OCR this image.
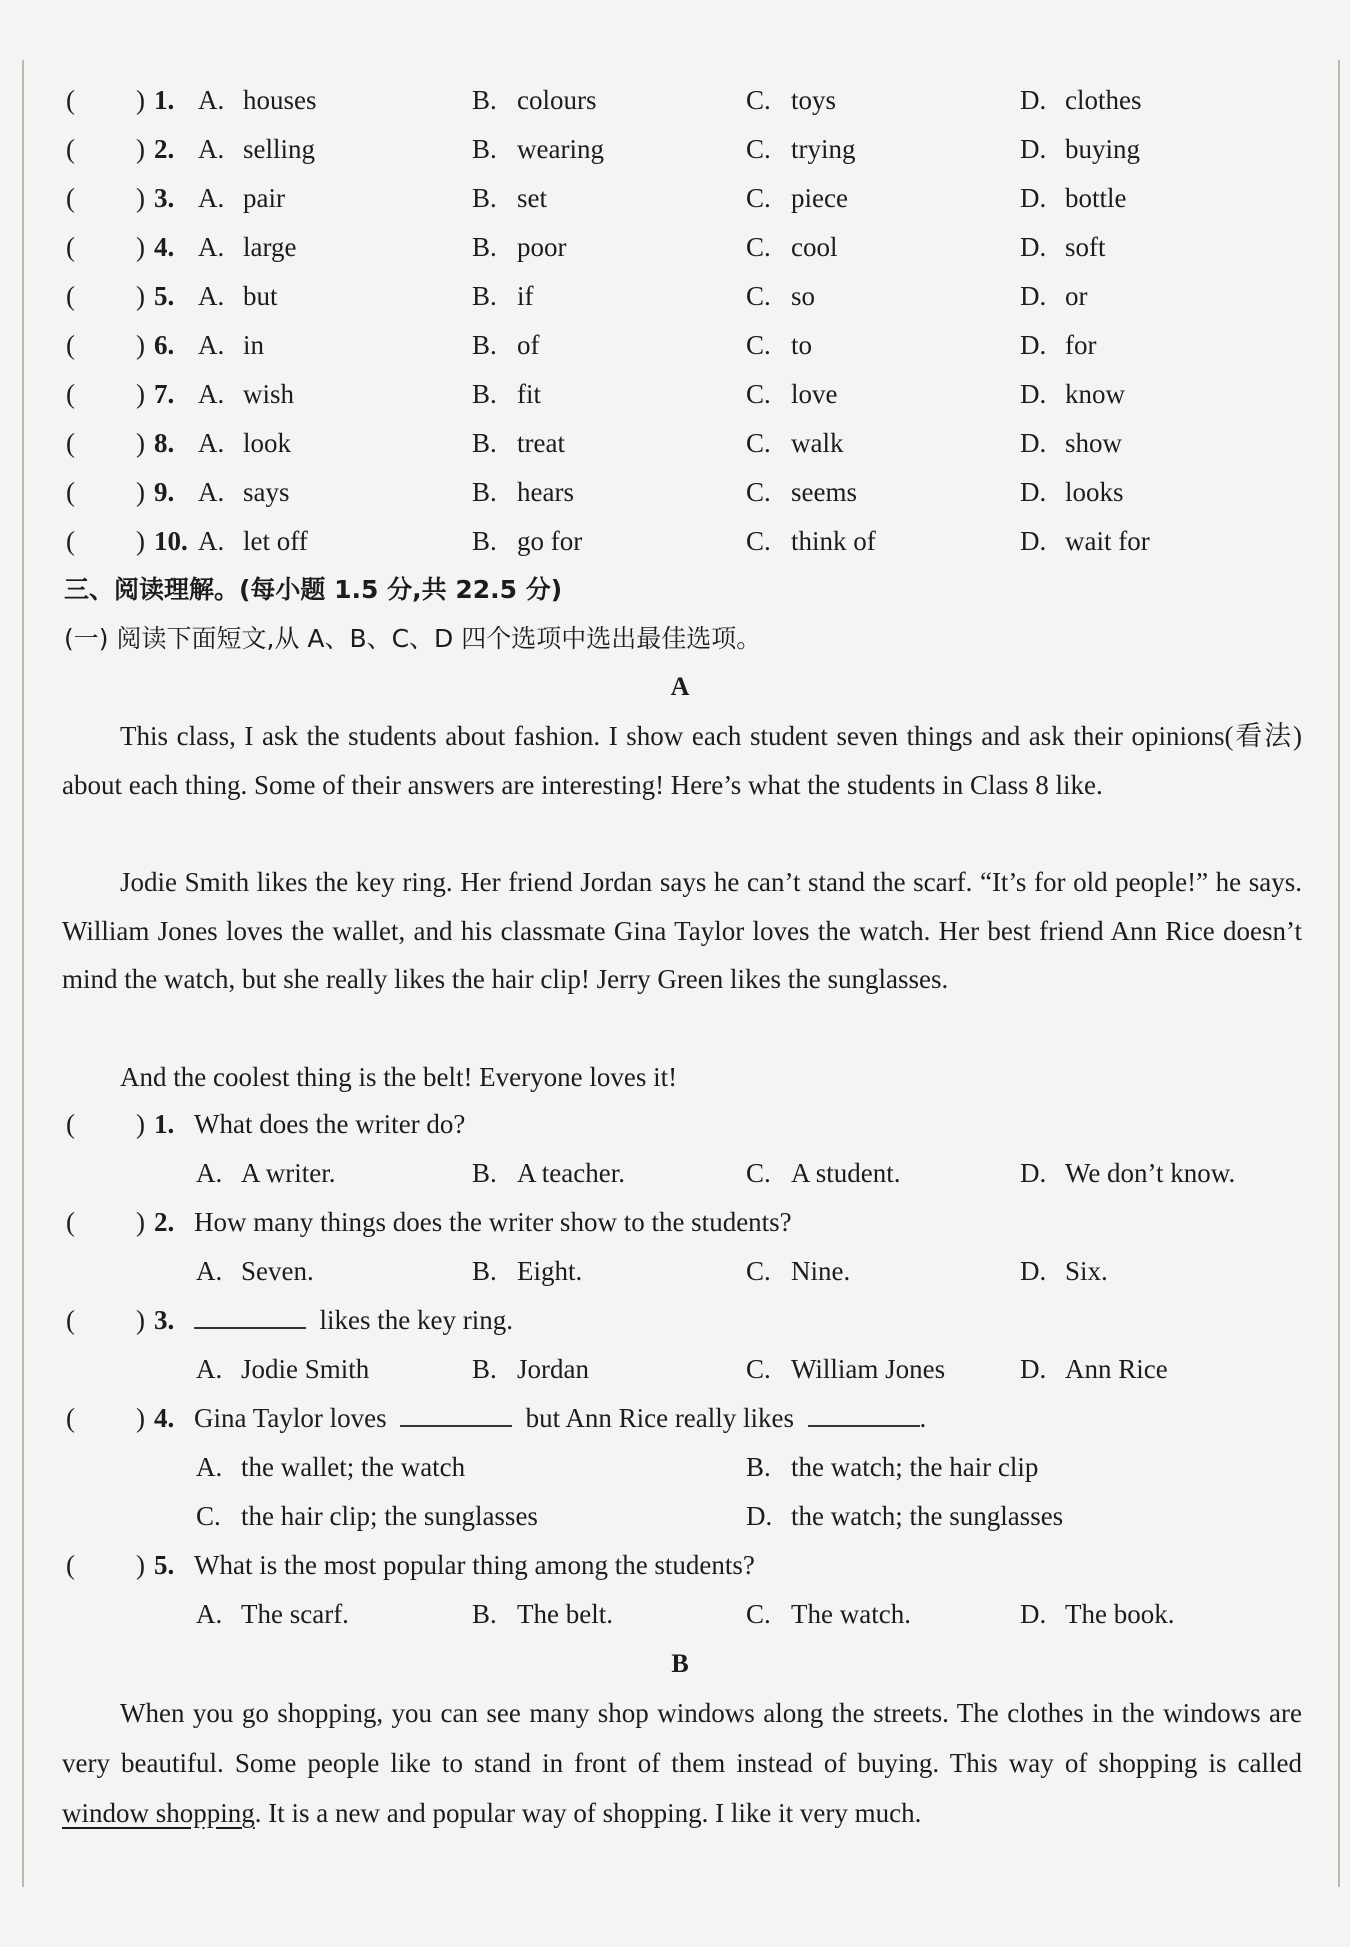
( ) 1. A. houses	B. colours	C. toys	D. clothes
( ) 2. A. selling	B. wearing	C. trying	D. buying
( ) 3. A. pair	B. set	C. piece	D. bottle
( ) 4. A. large	B. poor	C. cool	D. soft
( ) 5. A. but	B. if	C. so	D. or
( ) 6. A. in	B. of	C. to	D. for
( ) 7. A. wish	B. fit	C. love	D. know
( ) 8. A. look	B. treat	C. walk	D. show
( ) 9. A. says	B. hears	C. seems	D. looks
( ) 10. A. let off	B. go for	C. think of	D. wait for
三、阅读理解。(每小题 1.5 分,共 22.5 分)
(一) 阅读下面短文,从 A、B、C、D 四个选项中选出最佳选项。
A
This class, I ask the students about fashion. I show each student seven things and ask their opinions(看法) about each thing. Some of their answers are interesting! Here’s what the students in Class 8 like.
Jodie Smith likes the key ring. Her friend Jordan says he can’t stand the scarf. “It’s for old people!” he says. William Jones loves the wallet, and his classmate Gina Taylor loves the watch. Her best friend Ann Rice doesn’t mind the watch, but she really likes the hair clip! Jerry Green likes the sunglasses.
And the coolest thing is the belt! Everyone loves it!
( ) 1. What does the writer do?
A. A writer.	B. A teacher.	C. A student.	D. We don’t know.
( ) 2. How many things does the writer show to the students?
A. Seven.	B. Eight.	C. Nine.	D. Six.
( ) 3.	likes the key ring.
A. Jodie Smith	B. Jordan	C. William Jones	D. Ann Rice
( ) 4. Gina Taylor loves	but Ann Rice really likes	.
A. the wallet; the watch	B. the watch; the hair clip
C. the hair clip; the sunglasses	D. the watch; the sunglasses
( ) 5. What is the most popular thing among the students?
A. The scarf.	B. The belt.	C. The watch.	D. The book.
B
When you go shopping, you can see many shop windows along the streets. The clothes in the windows are very beautiful. Some people like to stand in front of them instead of buying. This way of shopping is called window shopping. It is a new and popular way of shopping. I like it very much.
